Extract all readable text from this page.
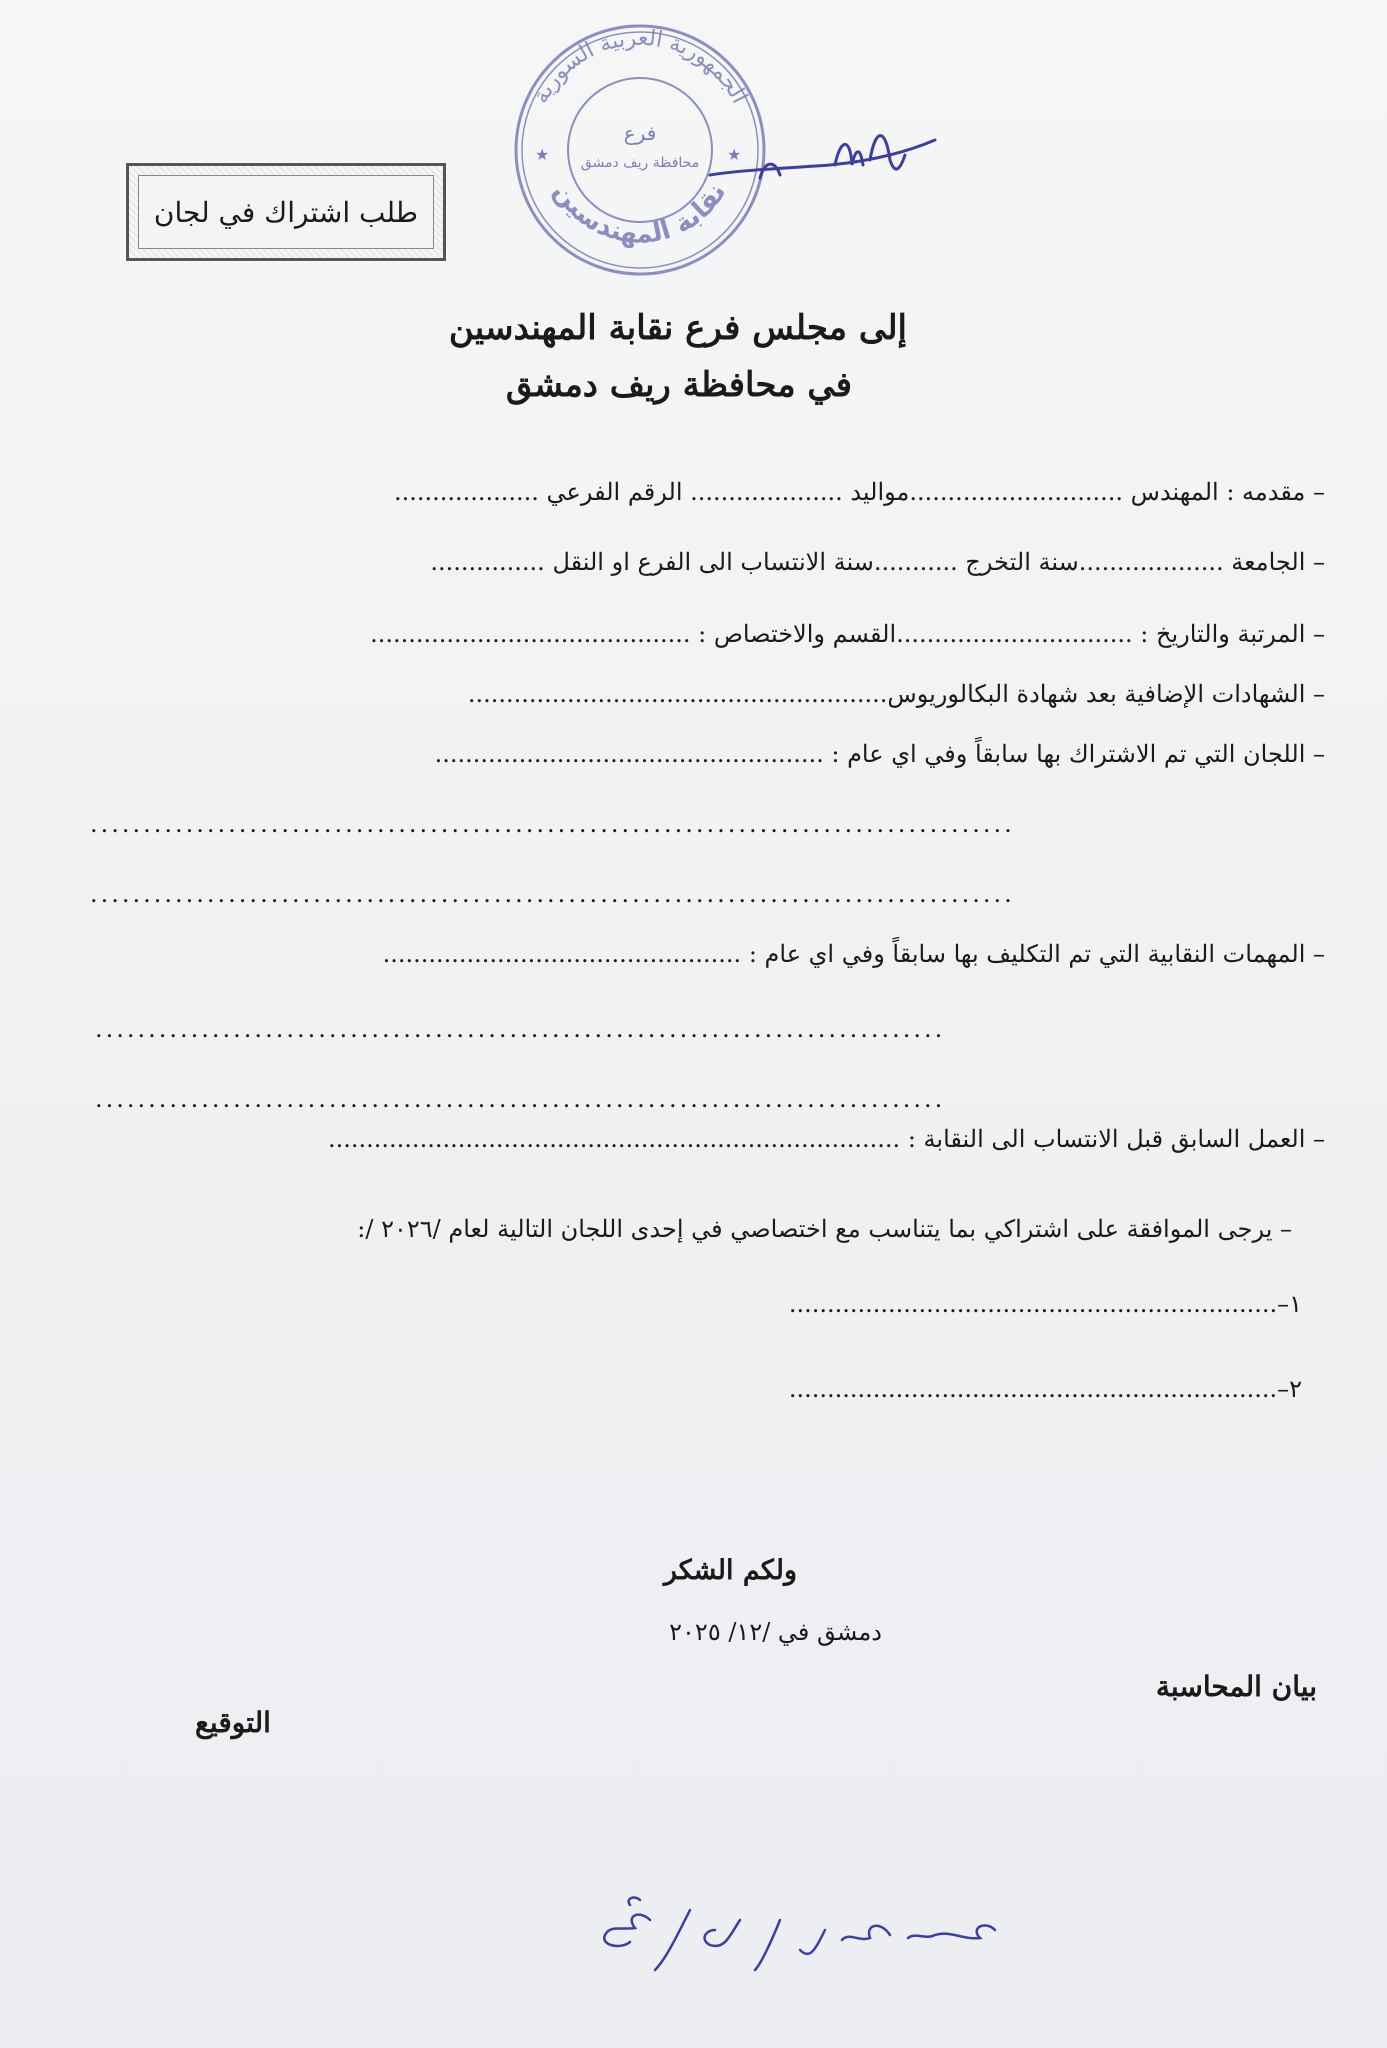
الجمهورية العربية السورية
نقابة المهندسين
فرع
محافظة ريف دمشق
★	★
طلب اشتراك في لجان
إلى مجلس فرع نقابة المهندسين
في محافظة ريف دمشق
– مقدمه : المهندس ............................مواليد .................... الرقم الفرعي ...................
– الجامعة ...................سنة التخرج ...........سنة الانتساب الى الفرع او النقل ...............
– المرتبة والتاريخ : ...............................القسم والاختصاص : ..........................................
– الشهادات الإضافية بعد شهادة البكالوريوس.......................................................
– اللجان التي تم الاشتراك بها سابقاً وفي اي عام : ...................................................
.......................................................................................
.......................................................................................
– المهمات النقابية التي تم التكليف بها سابقاً وفي اي عام : ...............................................
................................................................................
................................................................................
– العمل السابق قبل الانتساب الى النقابة : ...........................................................................
– يرجى الموافقة على اشتراكي بما يتناسب مع اختصاصي في إحدى اللجان التالية لعام /٢٠٢٦ /:
١–................................................................
٢–................................................................
ولكم الشكر
دمشق في /١٢/ ٢٠٢٥
بيان المحاسبة
التوقيع
